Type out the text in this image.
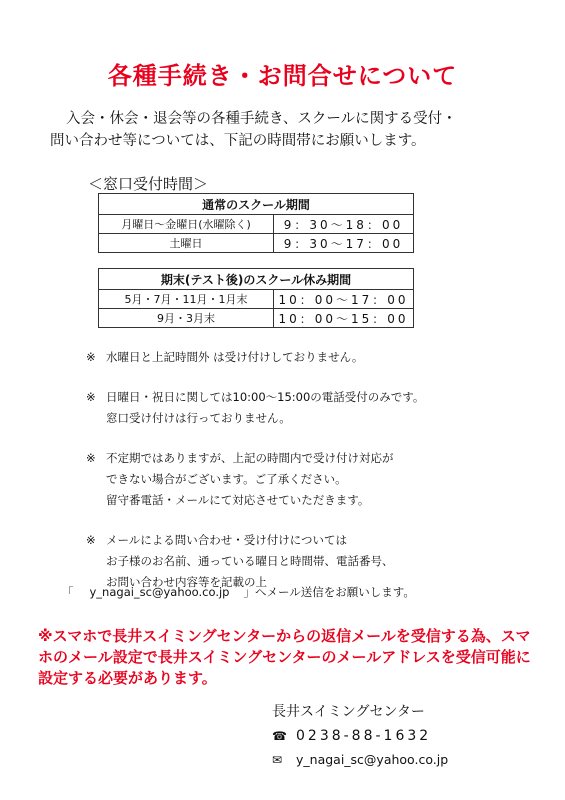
各種手続き・お問合せについて
入会・休会・退会等の各種手続き、スクールに関する受付・
問い合わせ等については、下記の時間帯にお願いします。
＜窓口受付時間＞
通常のスクール期間	
月曜日～金曜日(水曜除く)	9：30～18：00
土曜日	9：30～17：00
期末(テスト後)のスクール休み期間	
5月・7月・11月・1月末	10：00～17：00
9月・3月末	10：00～15：00
※ 水曜日と上記時間外 は受け付けしておりません。
※ 日曜日・祝日に関しては10:00～15:00の電話受付のみです。
窓口受け付けは行っておりません。
※ 不定期ではありますが、上記の時間内で受け付け対応が
できない場合がございます。ご了承ください。
留守番電話・メールにて対応させていただきます。
※ メールによる問い合わせ・受け付けについては
お子様のお名前、通っている曜日と時間帯、電話番号、
お問い合わせ内容等を記載の上
「 y_nagai_sc@yahoo.co.jp 」へメール送信をお願いします。
※スマホで長井スイミングセンターからの返信メールを受信する為、スマホのメール設定で長井スイミングセンターのメールアドレスを受信可能に設定する必要があります。
長井スイミングセンター
☎ 0238-88-1632
✉ y_nagai_sc@yahoo.co.jp
